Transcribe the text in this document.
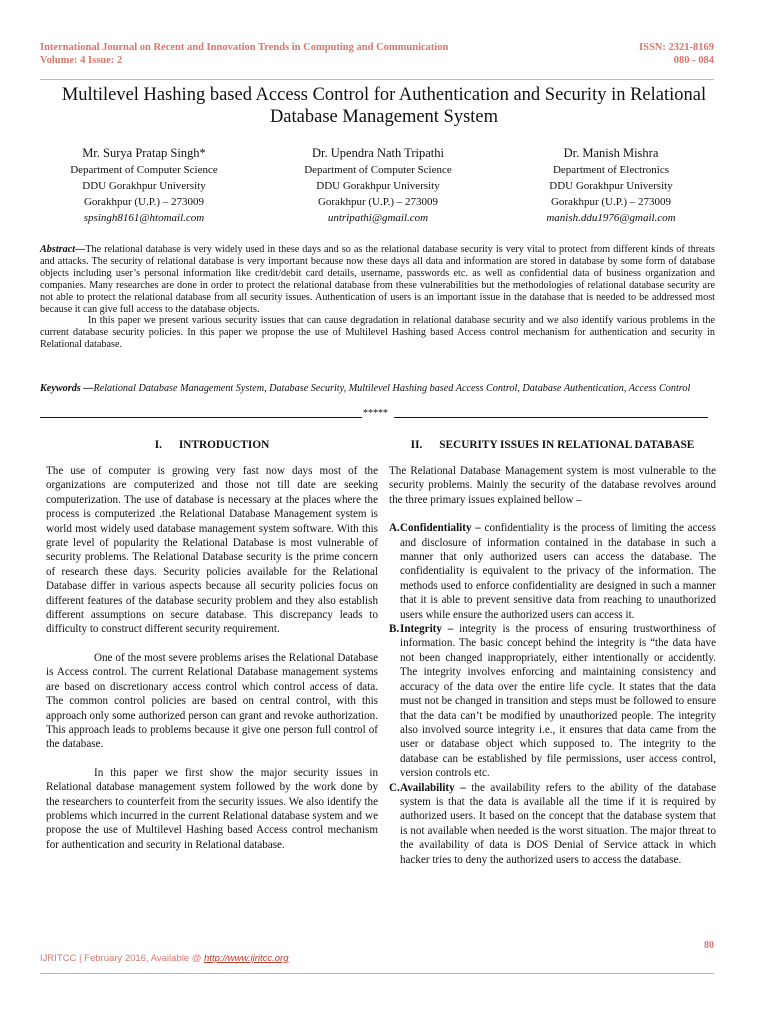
International Journal on Recent and Innovation Trends in Computing and Communication
Volume: 4 Issue: 2
ISSN: 2321-8169
080 - 084
Multilevel Hashing based Access Control for Authentication and Security in Relational Database Management System
Mr. Surya Pratap Singh*
Department of Computer Science
DDU Gorakhpur University
Gorakhpur (U.P.) – 273009
spsingh8161@htomail.com
Dr. Upendra Nath Tripathi
Department of Computer Science
DDU Gorakhpur University
Gorakhpur (U.P.) – 273009
untripathi@gmail.com
Dr. Manish Mishra
Department of Electronics
DDU Gorakhpur University
Gorakhpur (U.P.) – 273009
manish.ddu1976@gmail.com

Abstract—The relational database is very widely used in these days and so as the relational database security is very vital to protect from different kinds of threats and attacks. The security of relational database is very important because now these days all data and information are stored in database by some form of database objects including user’s personal information like credit/debit card details, username, passwords etc. as well as confidential data of business organization and companies. Many researches are done in order to protect the relational database from these vulnerabilities but the methodologies of relational database security are not able to protect the relational database from all security issues. Authentication of users is an important issue in the database that is needed to be addressed most because it can give full access to the database objects.

In this paper we present various security issues that can cause degradation in relational database security and we also identify various problems in the current database security policies. In this paper we propose the use of Multilevel Hashing based Access control mechanism for authentication and security in Relational database.

Keywords —Relational Database Management System, Database Security, Multilevel Hashing based Access Control, Database Authentication, Access Control
*****
I.      INTRODUCTION

The use of computer is growing very fast now days most of the organizations are computerized and those not till date are seeking computerization. The use of database is necessary at the places where the process is computerized .the Relational Database Management system is world most widely used database management system software. With this grate level of popularity the Relational Database is most vulnerable of security problems. The Relational Database security is the prime concern of research these days. Security policies available for the Relational Database differ in various aspects because all security policies focus on different features of the database security problem and they also establish different assumptions on secure database. This discrepancy leads to difficulty to construct different security requirement.

One of the most severe problems arises the Relational Database is Access control. The current Relational Database management systems are based on discretionary access control which control access of data. The common control policies are based on central control, with this approach only some authorized person can grant and revoke authorization. This approach leads to problems because it give one person full control of the database.

In this paper we first show the major security issues in Relational database management system followed by the work done by the researchers to counterfeit from the security issues. We also identify the problems which incurred in the current Relational database system and we propose the use of Multilevel Hashing based Access control mechanism for authentication and security in Relational database.

II.      SECURITY ISSUES IN RELATIONAL DATABASE

The Relational Database Management system is most vulnerable to the security problems. Mainly the security of the database revolves around the three primary issues explained bellow –

A. Confidentiality – confidentiality is the process of limiting the access and disclosure of information contained in the database in such a manner that only authorized users can access the database. The confidentiality is equivalent to the privacy of the information. The methods used to enforce confidentiality are designed in such a manner that it is able to prevent sensitive data from reaching to unauthorized users while ensure the authorized users can access it.

B. Integrity – integrity is the process of ensuring trustworthiness of information. The basic concept behind the integrity is “the data have not been changed inappropriately, either intentionally or accidently. The integrity involves enforcing and maintaining consistency and accuracy of the data over the entire life cycle. It states that the data must not be changed in transition and steps must be followed to ensure that the data can’t be modified by unauthorized people. The integrity also involved source integrity i.e., it ensures that data came from the user or database object which supposed to. The integrity to the database can be established by file permissions, user access control, version controls etc.

C. Availability – the availability refers to the ability of the database system is that the data is available all the time if it is required by authorized users. It based on the concept that the database system that is not available when needed is the worst situation. The major threat to the availability of data is DOS Denial of Service attack in which hacker tries to deny the authorized users to access the database.

80
IJRITCC | February 2016, Available @ http://www.ijritcc.org
